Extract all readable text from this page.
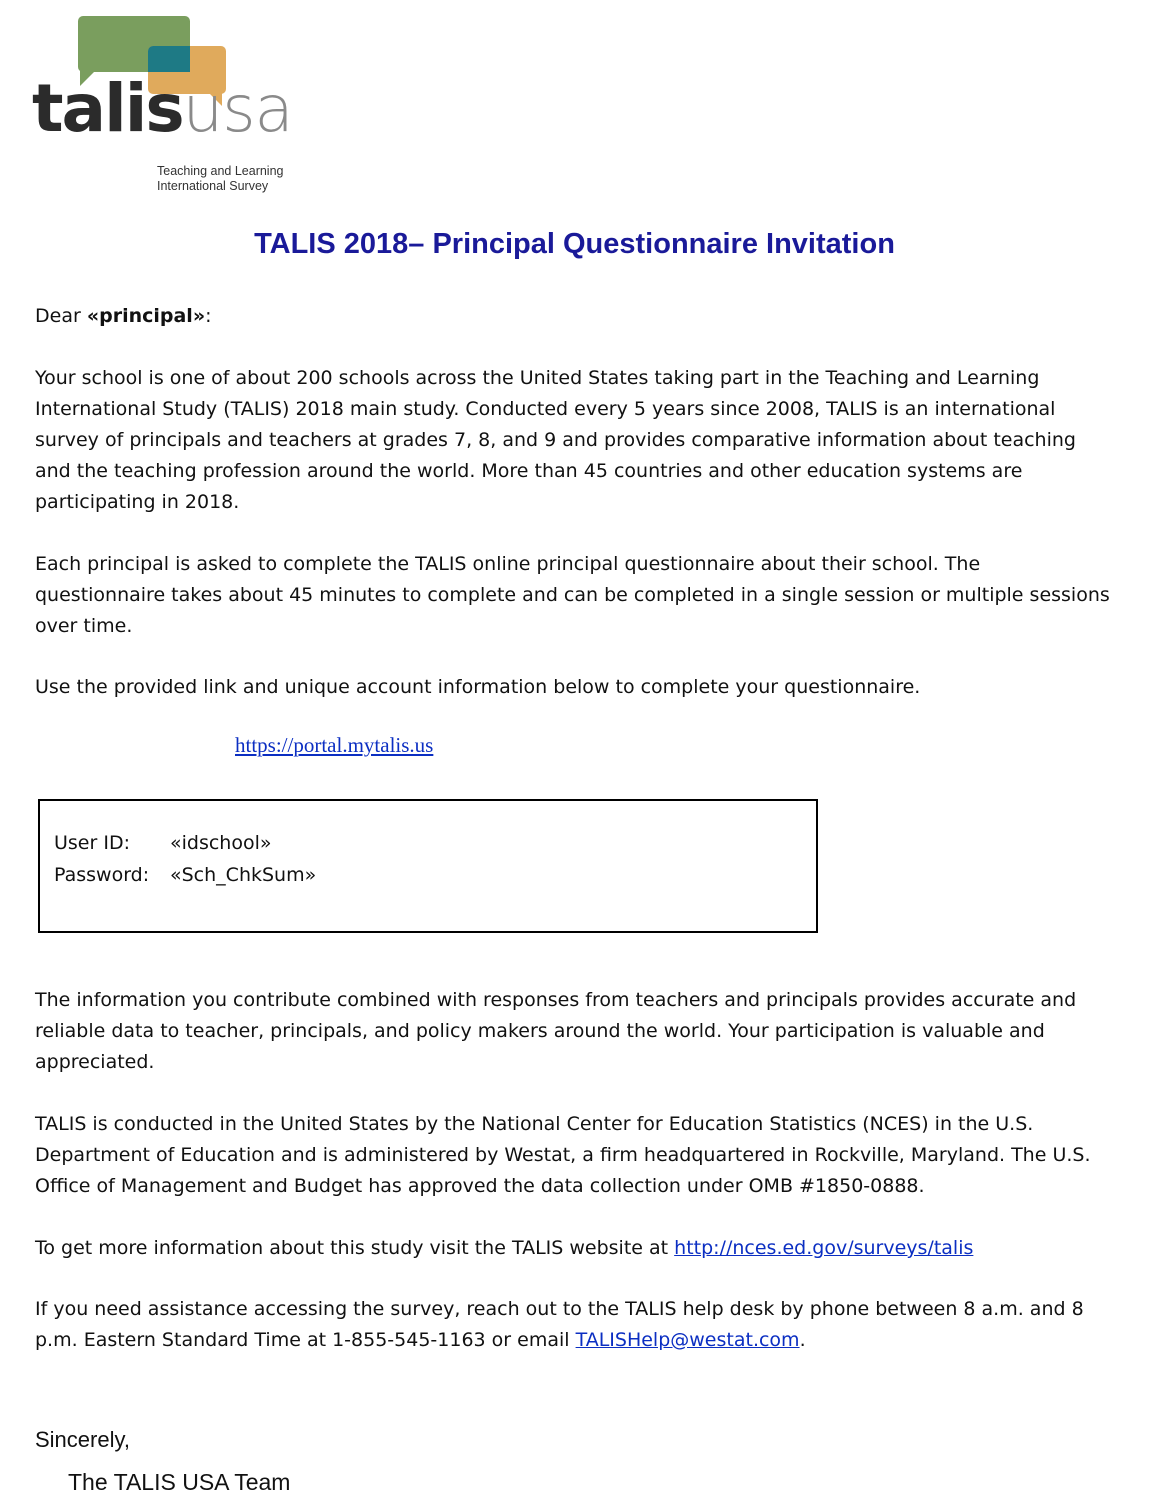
talisusa
Teaching and Learning
International Survey
TALIS 2018– Principal Questionnaire Invitation

Dear «principal»:

Your school is one of about 200 schools across the United States taking part in the Teaching and Learning International Study (TALIS) 2018 main study. Conducted every 5 years since 2008, TALIS is an international survey of principals and teachers at grades 7, 8, and 9 and provides comparative information about teaching and the teaching profession around the world. More than 45 countries and other education systems are participating in 2018.

Each principal is asked to complete the TALIS online principal questionnaire about their school. The questionnaire takes about 45 minutes to complete and can be completed in a single session or multiple sessions over time.

Use the provided link and unique account information below to complete your questionnaire.

https://portal.mytalis.us
User ID: «idschool»
Password: «Sch_ChkSum»

The information you contribute combined with responses from teachers and principals provides accurate and reliable data to teacher, principals, and policy makers around the world. Your participation is valuable and appreciated.

TALIS is conducted in the United States by the National Center for Education Statistics (NCES) in the U.S. Department of Education and is administered by Westat, a firm headquartered in Rockville, Maryland. The U.S. Office of Management and Budget has approved the data collection under OMB #1850-0888.

To get more information about this study visit the TALIS website at http://nces.ed.gov/surveys/talis

If you need assistance accessing the survey, reach out to the TALIS help desk by phone between 8 a.m. and 8 p.m. Eastern Standard Time at 1-855-545-1163 or email TALISHelp@westat.com.

Sincerely,
The TALIS USA Team
